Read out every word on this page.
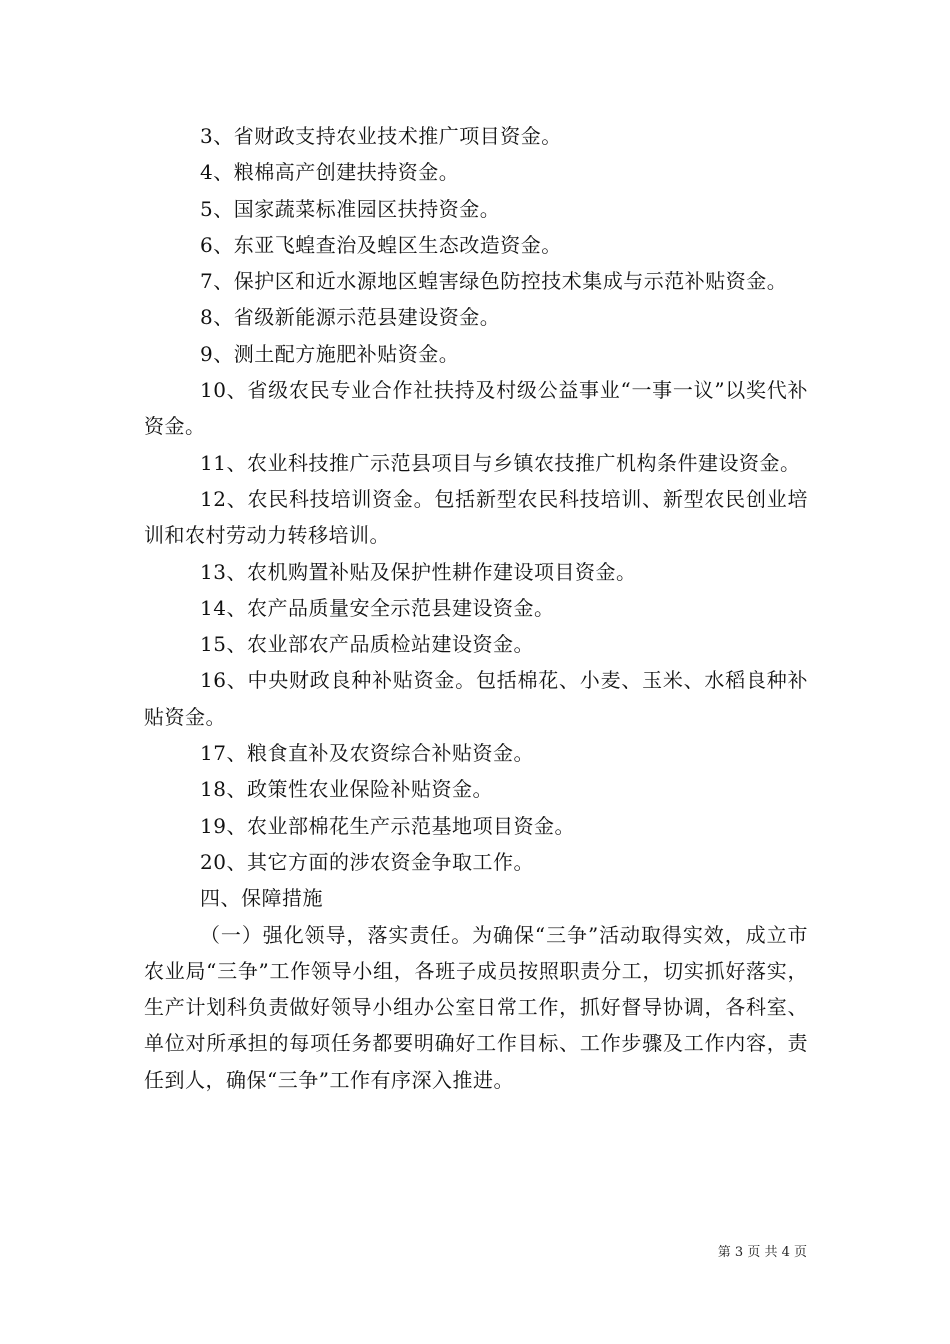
3、省财政支持农业技术推广项目资金。

4、粮棉高产创建扶持资金。

5、国家蔬菜标准园区扶持资金。

6、东亚飞蝗查治及蝗区生态改造资金。

7、保护区和近水源地区蝗害绿色防控技术集成与示范补贴资金。

8、省级新能源示范县建设资金。

9、测土配方施肥补贴资金。

10、省级农民专业合作社扶持及村级公益事业“一事一议”以奖代补资金。

11、农业科技推广示范县项目与乡镇农技推广机构条件建设资金。

12、农民科技培训资金。包括新型农民科技培训、新型农民创业培训和农村劳动力转移培训。

13、农机购置补贴及保护性耕作建设项目资金。

14、农产品质量安全示范县建设资金。

15、农业部农产品质检站建设资金。

16、中央财政良种补贴资金。包括棉花、小麦、玉米、水稻良种补贴资金。

17、粮食直补及农资综合补贴资金。

18、政策性农业保险补贴资金。

19、农业部棉花生产示范基地项目资金。

20、其它方面的涉农资金争取工作。

四、保障措施

（一）强化领导，落实责任。为确保“三争”活动取得实效，成立市农业局“三争”工作领导小组，各班子成员按照职责分工，切实抓好落实，生产计划科负责做好领导小组办公室日常工作，抓好督导协调，各科室、单位对所承担的每项任务都要明确好工作目标、工作步骤及工作内容，责任到人，确保“三争”工作有序深入推进。

第 3 页 共 4 页
